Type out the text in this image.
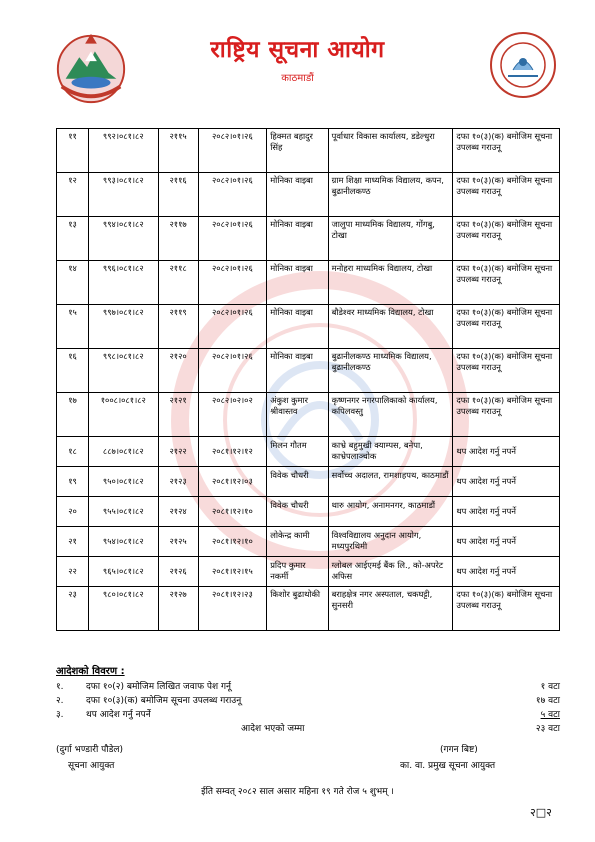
राष्ट्रिय सूचना आयोग
काठमाडौं
११	९९२।०८१।८२	२११५	२०८२।०१।२६	हिक्मत बहादुर सिंह	पूर्वाधार विकास कार्यालय, डडेल्धुरा	दफा १०(३)(क) बमोजिम सूचना उपलब्ध गराउनू
१२	९९३।०८१।८२	२११६	२०८२।०१।२६	मोनिका वाइबा	ग्राम शिक्षा माध्यमिक विद्यालय, कपन, बुढानीलकण्ठ	दफा १०(३)(क) बमोजिम सूचना उपलब्ध गराउनू
१३	९९४।०८१।८२	२११७	२०८२।०१।२६	मोनिका वाइबा	जालुपा माध्यमिक विद्यालय, गोंगबु, टोखा	दफा १०(३)(क) बमोजिम सूचना उपलब्ध गराउनू
१४	९९६।०८१।८२	२११८	२०८२।०१।२६	मोनिका वाइबा	मनोहरा माध्यमिक विद्यालय, टोखा	दफा १०(३)(क) बमोजिम सूचना उपलब्ध गराउनू
१५	९९७।०८१।८२	२११९	२०८२।०१।२६	मोनिका वाइबा	बौडेश्वर माध्यमिक विद्यालय, टोखा	दफा १०(३)(क) बमोजिम सूचना उपलब्ध गराउनू
१६	९९८।०८१।८२	२१२०	२०८२।०१।२६	मोनिका वाइबा	बुढानीलकण्ठ माध्यमिक विद्यालय, बुढानीलकण्ठ	दफा १०(३)(क) बमोजिम सूचना उपलब्ध गराउनू
१७	१००८।०८१।८२	२१२१	२०८२।०२।०२	अंकुश कुमार श्रीवास्तव	कृष्णनगर नगरपालिकाको कार्यालय, कपिलवस्तु	दफा १०(३)(क) बमोजिम सूचना उपलब्ध गराउनू
१८	८८७।०८१।८२	२१२२	२०८१।१२।१२	मिलन गौतम	काभ्रे बहुमुखी क्याम्पस, बनेपा, काभ्रेपलाञ्चोक	थप आदेश गर्नु नपर्ने
१९	९५०।०८१।८२	२१२३	२०८१।१२।०३	विवेक चौधरी	सर्वोच्च अदालत, रामशाहपथ, काठमाडौं	थप आदेश गर्नु नपर्ने
२०	९५५।०८१।८२	२१२४	२०८१।१२।१०	विवेक चौधरी	थारु आयोग, अनामनगर, काठमाडौं	थप आदेश गर्नु नपर्ने
२१	९५४।०८१।८२	२१२५	२०८१।१२।१०	लोकेन्द्र कामी	विश्वविद्यालय अनुदान आयोग, मध्यपुरथिमी	थप आदेश गर्नु नपर्ने
२२	९६५।०८१।८२	२१२६	२०८१।१२।१५	प्रदिप कुमार नकर्मी	ग्लोबल आईएमई बैंक लि., को-अपरेट अफिस	थप आदेश गर्नु नपर्ने
२३	९८०।०८१।८२	२१२७	२०८१।१२।२३	किशोर बुढाथोकी	बराहक्षेत्र नगर अस्पताल, चकघट्टी, सुनसरी	दफा १०(३)(क) बमोजिम सूचना उपलब्ध गराउनू
आदेशको विवरण :
१. दफा १०(२) बमोजिम लिखित जवाफ पेश गर्नू	१ वटा
२. दफा १०(३)(क) बमोजिम सूचना उपलब्ध गराउनू	१७ वटा
३. थप आदेश गर्नु नपर्ने	५ वटा
आदेश भएको जम्मा	२३ वटा
(दुर्गा भण्डारी पौडेल)
सूचना आयुक्त
(गगन बिष्ट)
का. वा. प्रमुख सूचना आयुक्त
ईति सम्वत् २०८२ साल असार महिना १९ गते रोज ५ शुभम् ।
२□२
